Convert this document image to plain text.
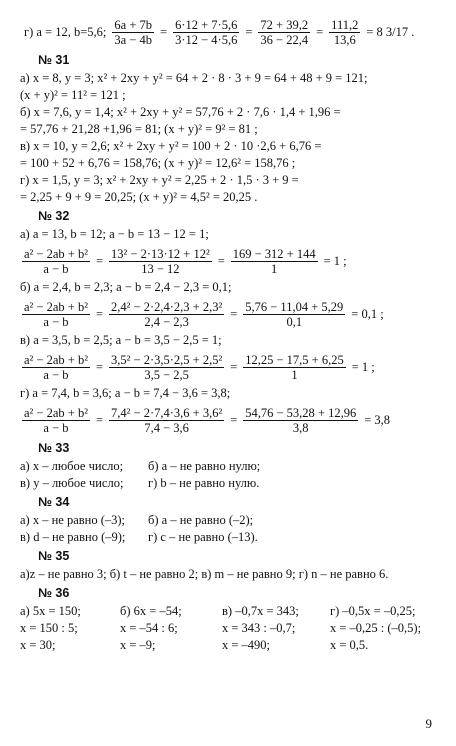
г) a = 12, b=5,6; $\frac{6a + 7b}{3a - 4b} = \frac{6\cdot 12 + 7\cdot 5,6}{3\cdot 12 - 4\cdot 5,6} = \frac{72 + 39,2}{36 - 22,4} = \frac{111,2}{13,6} = 8$ 3/17 .
№ 31
а) x = 8, y = 3; x² + 2xy + y² = 64 + 2 · 8 · 3 + 9 = 64 + 48 + 9 = 121;
(x + y)² = 11² = 121 ;
б) x = 7,6, y = 1,4; x² + 2xy + y² = 57,76 + 2 · 7,6 · 1,4 + 1,96 =
= 57,76 + 21,28 +1,96 = 81; (x + y)² = 9² = 81 ;
в) x = 10, y = 2,6; x² + 2xy + y² = 100 + 2 · 10 ·2,6 + 6,76 =
= 100 + 52 + 6,76 = 158,76; (x + y)² = 12,6² = 158,76 ;
г) x = 1,5, y = 3; x² + 2xy + y² = 2,25 + 2 · 1,5 · 3 + 9 =
= 2,25 + 9 + 9 = 20,25; (x + y)² = 4,5² = 20,25 .
№ 32
а) a = 13, b = 12; a − b = 13 − 12 = 1;
$\frac{\text{a² − 2ab + b²}}{a - b} = \frac{\text{13² − 2·13·12 + 12²}}{13 - 12} = \frac{169 - 312 + 144}{1} = 1$ ;
б) a = 2,4, b = 2,3; a − b = 2,4 − 2,3 = 0,1;
$\frac{\text{a² − 2ab + b²}}{a - b} = \frac{\text{2,4² − 2·2,4·2,3 + 2,3²}}{2,4 - 2,3} = \frac{5,76 - 11,04 + 5,29}{0,1} = 0,1$ ;
в) a = 3,5, b = 2,5; a − b = 3,5 − 2,5 = 1;
$\frac{\text{a² − 2ab + b²}}{a - b} = \frac{\text{3,5² − 2·3,5·2,5 + 2,5²}}{3,5 - 2,5} = \frac{12,25 - 17,5 + 6,25}{1} = 1$ ;
г) a = 7,4, b = 3,6; a − b = 7,4 − 3,6 = 3,8;
$\frac{\text{a² − 2ab + b²}}{a - b} = \frac{\text{7,4² − 2·7,4·3,6 + 3,6²}}{7,4 - 3,6} = \frac{54,76 - 53,28 + 12,96}{3,8} = 3,8$
№ 33
а) x – любое число;	б) a – не равно нулю;
в) y – любое число;	г) b – не равно нулю.
№ 34
а) x – не равно (–3);	б) a – не равно (–2);
в) d – не равно (–9);	г) c – не равно (–13).
№ 35
а)z – не равно 3; б) t – не равно 2; в) m – не равно 9; г) n – не равно 6.
№ 36
а) 5x = 150;	б) 6x = –54;	в) –0,7x = 343;	г) –0,5x = –0,25;
x = 150 : 5;	x = –54 : 6;	x = 343 : –0,7;	x = –0,25 : (–0,5);
x = 30;	x = –9;	x = –490;	x = 0,5.
9
